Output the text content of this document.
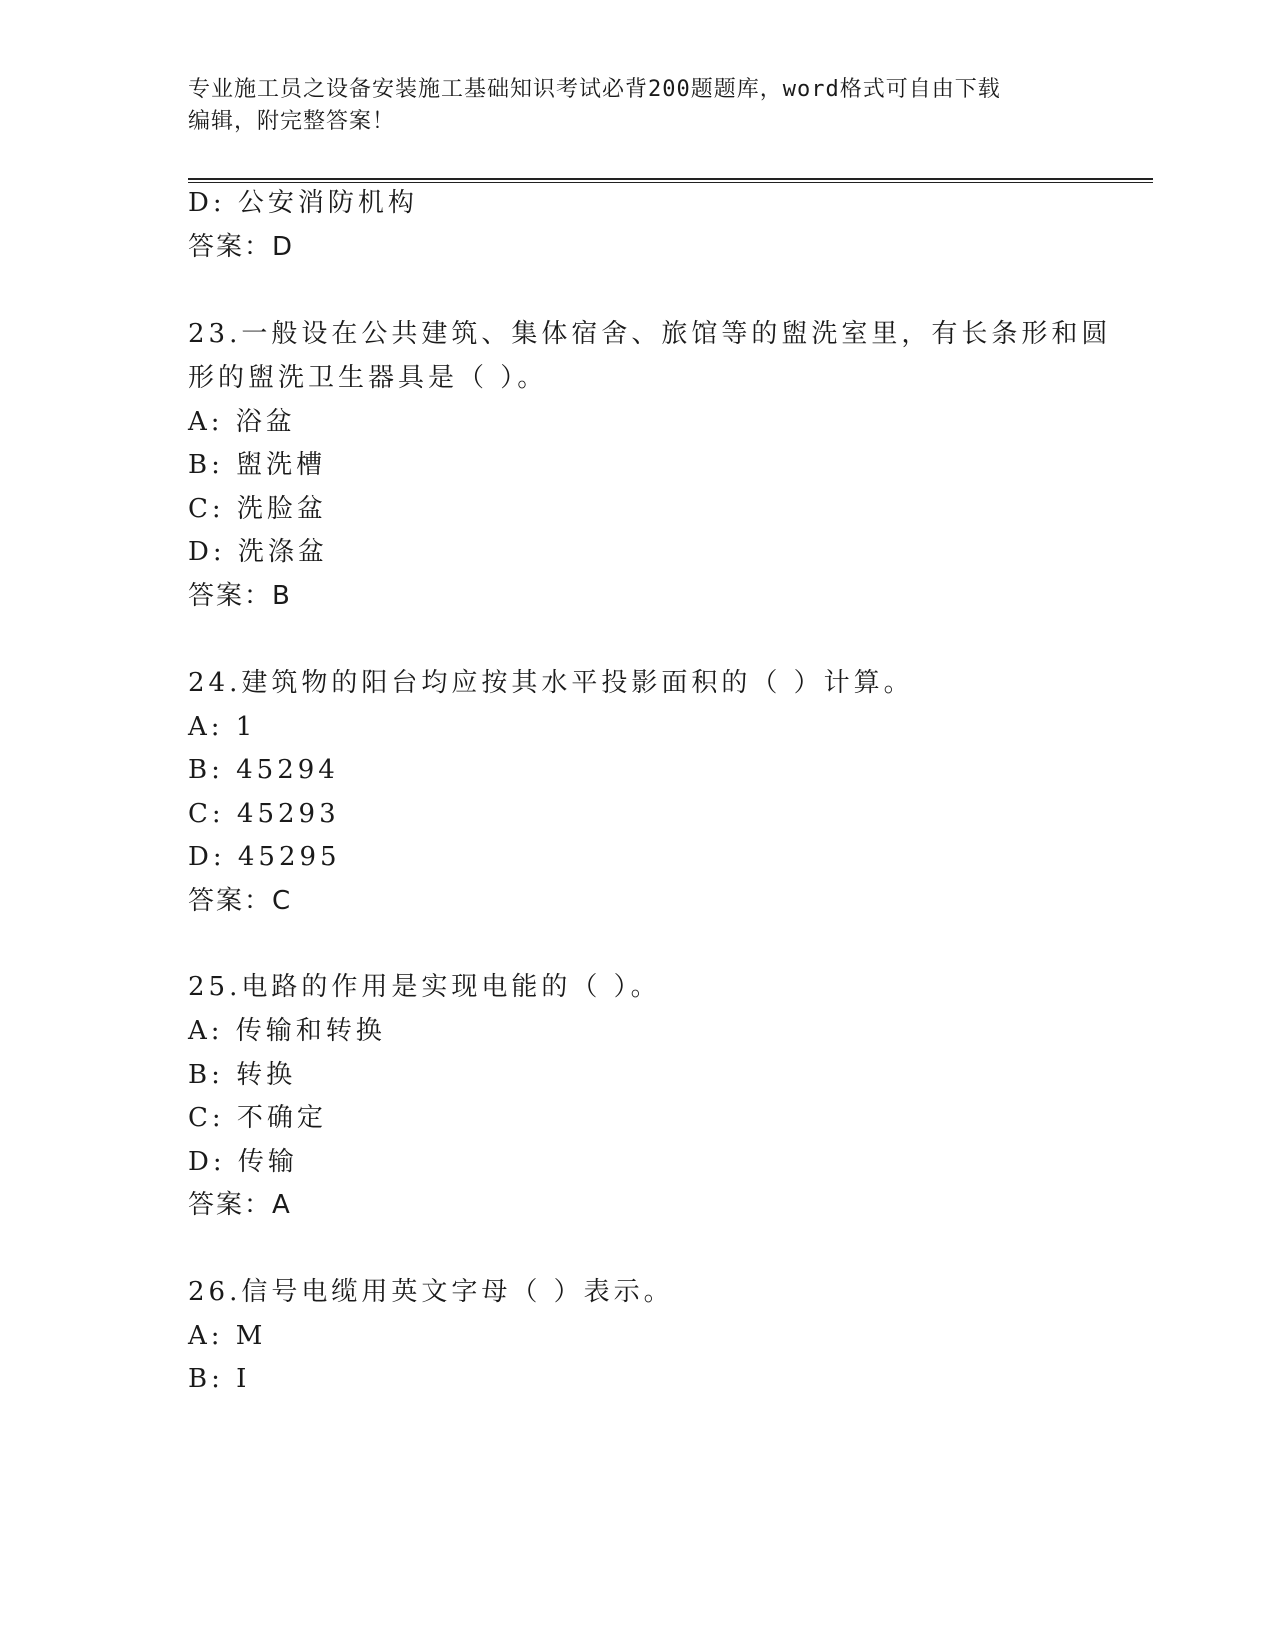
专业施工员之设备安装施工基础知识考试必背200题题库，word格式可自由下载
编辑，附完整答案！
D: 公安消防机构
答案：D
23.一般设在公共建筑、集体宿舍、旅馆等的盥洗室里，有长条形和圆
形的盥洗卫生器具是（ ）。
A: 浴盆
B: 盥洗槽
C: 洗脸盆
D: 洗涤盆
答案：B
24.建筑物的阳台均应按其水平投影面积的（ ）计算。
A: 1
B: 45294
C: 45293
D: 45295
答案：C
25.电路的作用是实现电能的（ ）。
A: 传输和转换
B: 转换
C: 不确定
D: 传输
答案：A
26.信号电缆用英文字母（ ）表示。
A: M
B: I
